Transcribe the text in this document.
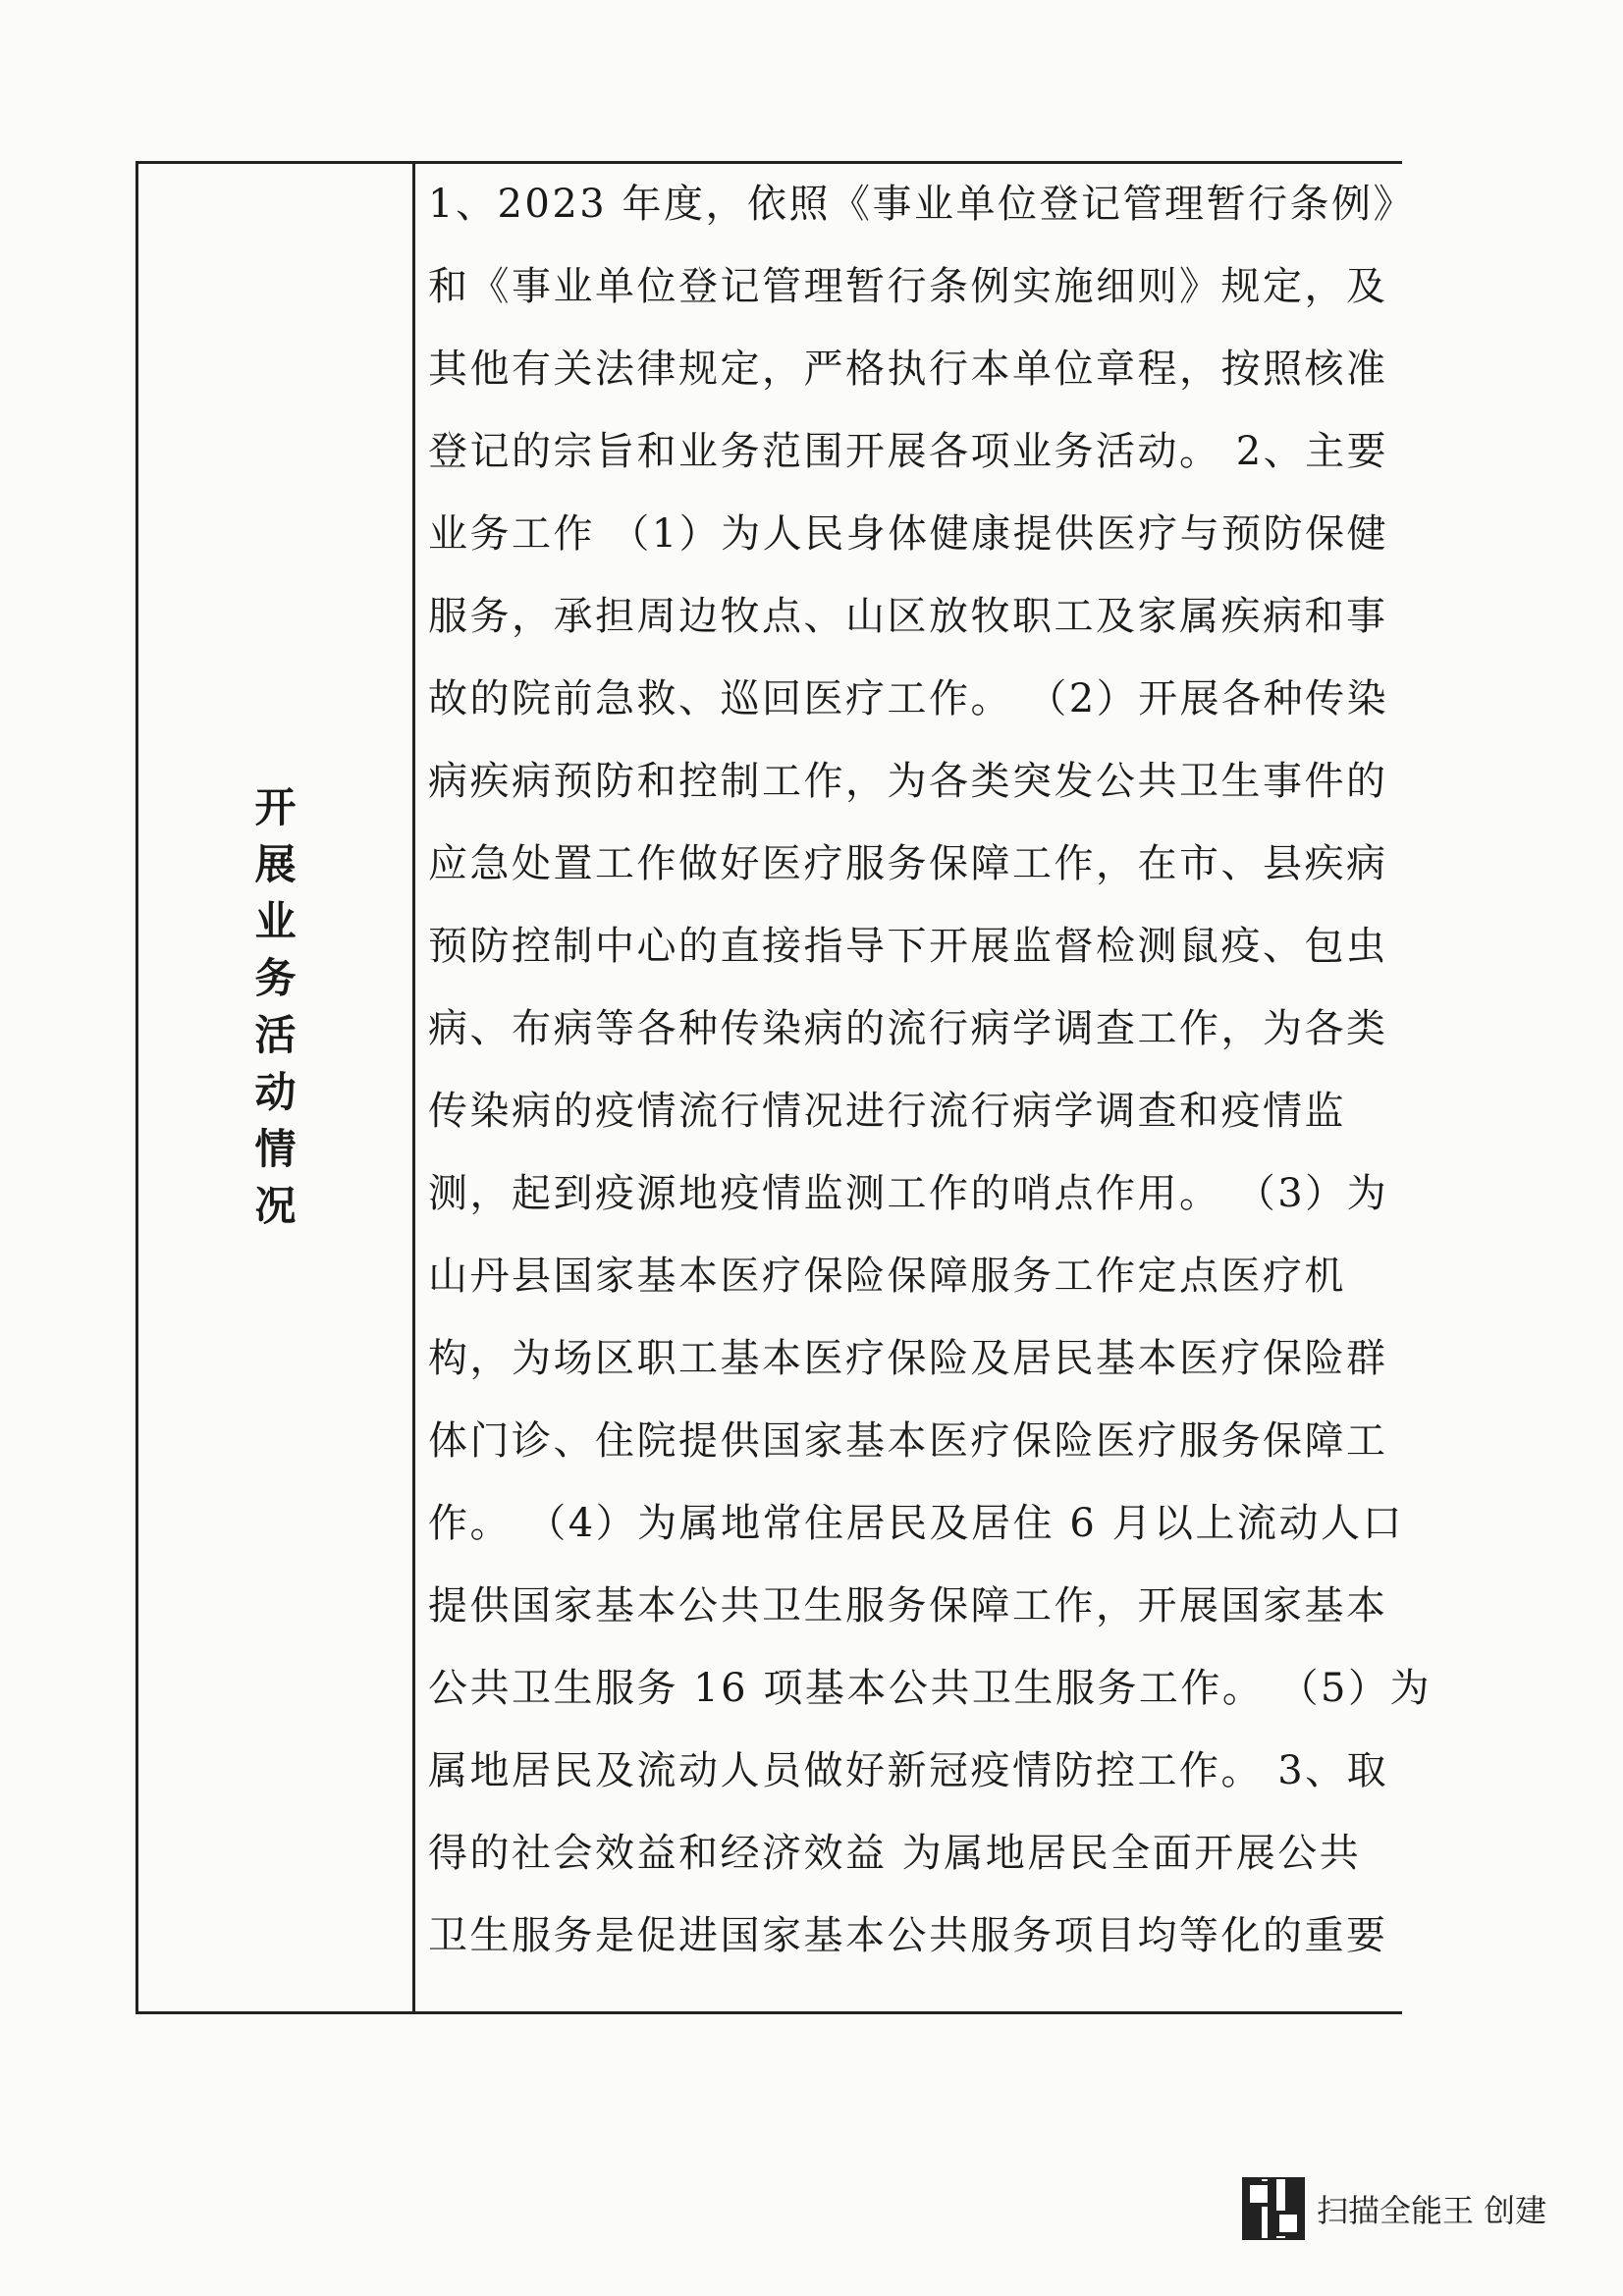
开
展
业
务
活
动
情
况
1、2023 年度，依照《事业单位登记管理暂行条例》
和《事业单位登记管理暂行条例实施细则》规定，及
其他有关法律规定，严格执行本单位章程，按照核准
登记的宗旨和业务范围开展各项业务活动。 2、主要
业务工作 （1）为人民身体健康提供医疗与预防保健
服务，承担周边牧点、山区放牧职工及家属疾病和事
故的院前急救、巡回医疗工作。 （2）开展各种传染
病疾病预防和控制工作，为各类突发公共卫生事件的
应急处置工作做好医疗服务保障工作，在市、县疾病
预防控制中心的直接指导下开展监督检测鼠疫、包虫
病、布病等各种传染病的流行病学调查工作，为各类
传染病的疫情流行情况进行流行病学调查和疫情监
测，起到疫源地疫情监测工作的哨点作用。 （3）为
山丹县国家基本医疗保险保障服务工作定点医疗机
构，为场区职工基本医疗保险及居民基本医疗保险群
体门诊、住院提供国家基本医疗保险医疗服务保障工
作。 （4）为属地常住居民及居住 6 月以上流动人口
提供国家基本公共卫生服务保障工作，开展国家基本
公共卫生服务 16 项基本公共卫生服务工作。 （5）为
属地居民及流动人员做好新冠疫情防控工作。 3、取
得的社会效益和经济效益 为属地居民全面开展公共
卫生服务是促进国家基本公共服务项目均等化的重要
扫描全能王 创建
